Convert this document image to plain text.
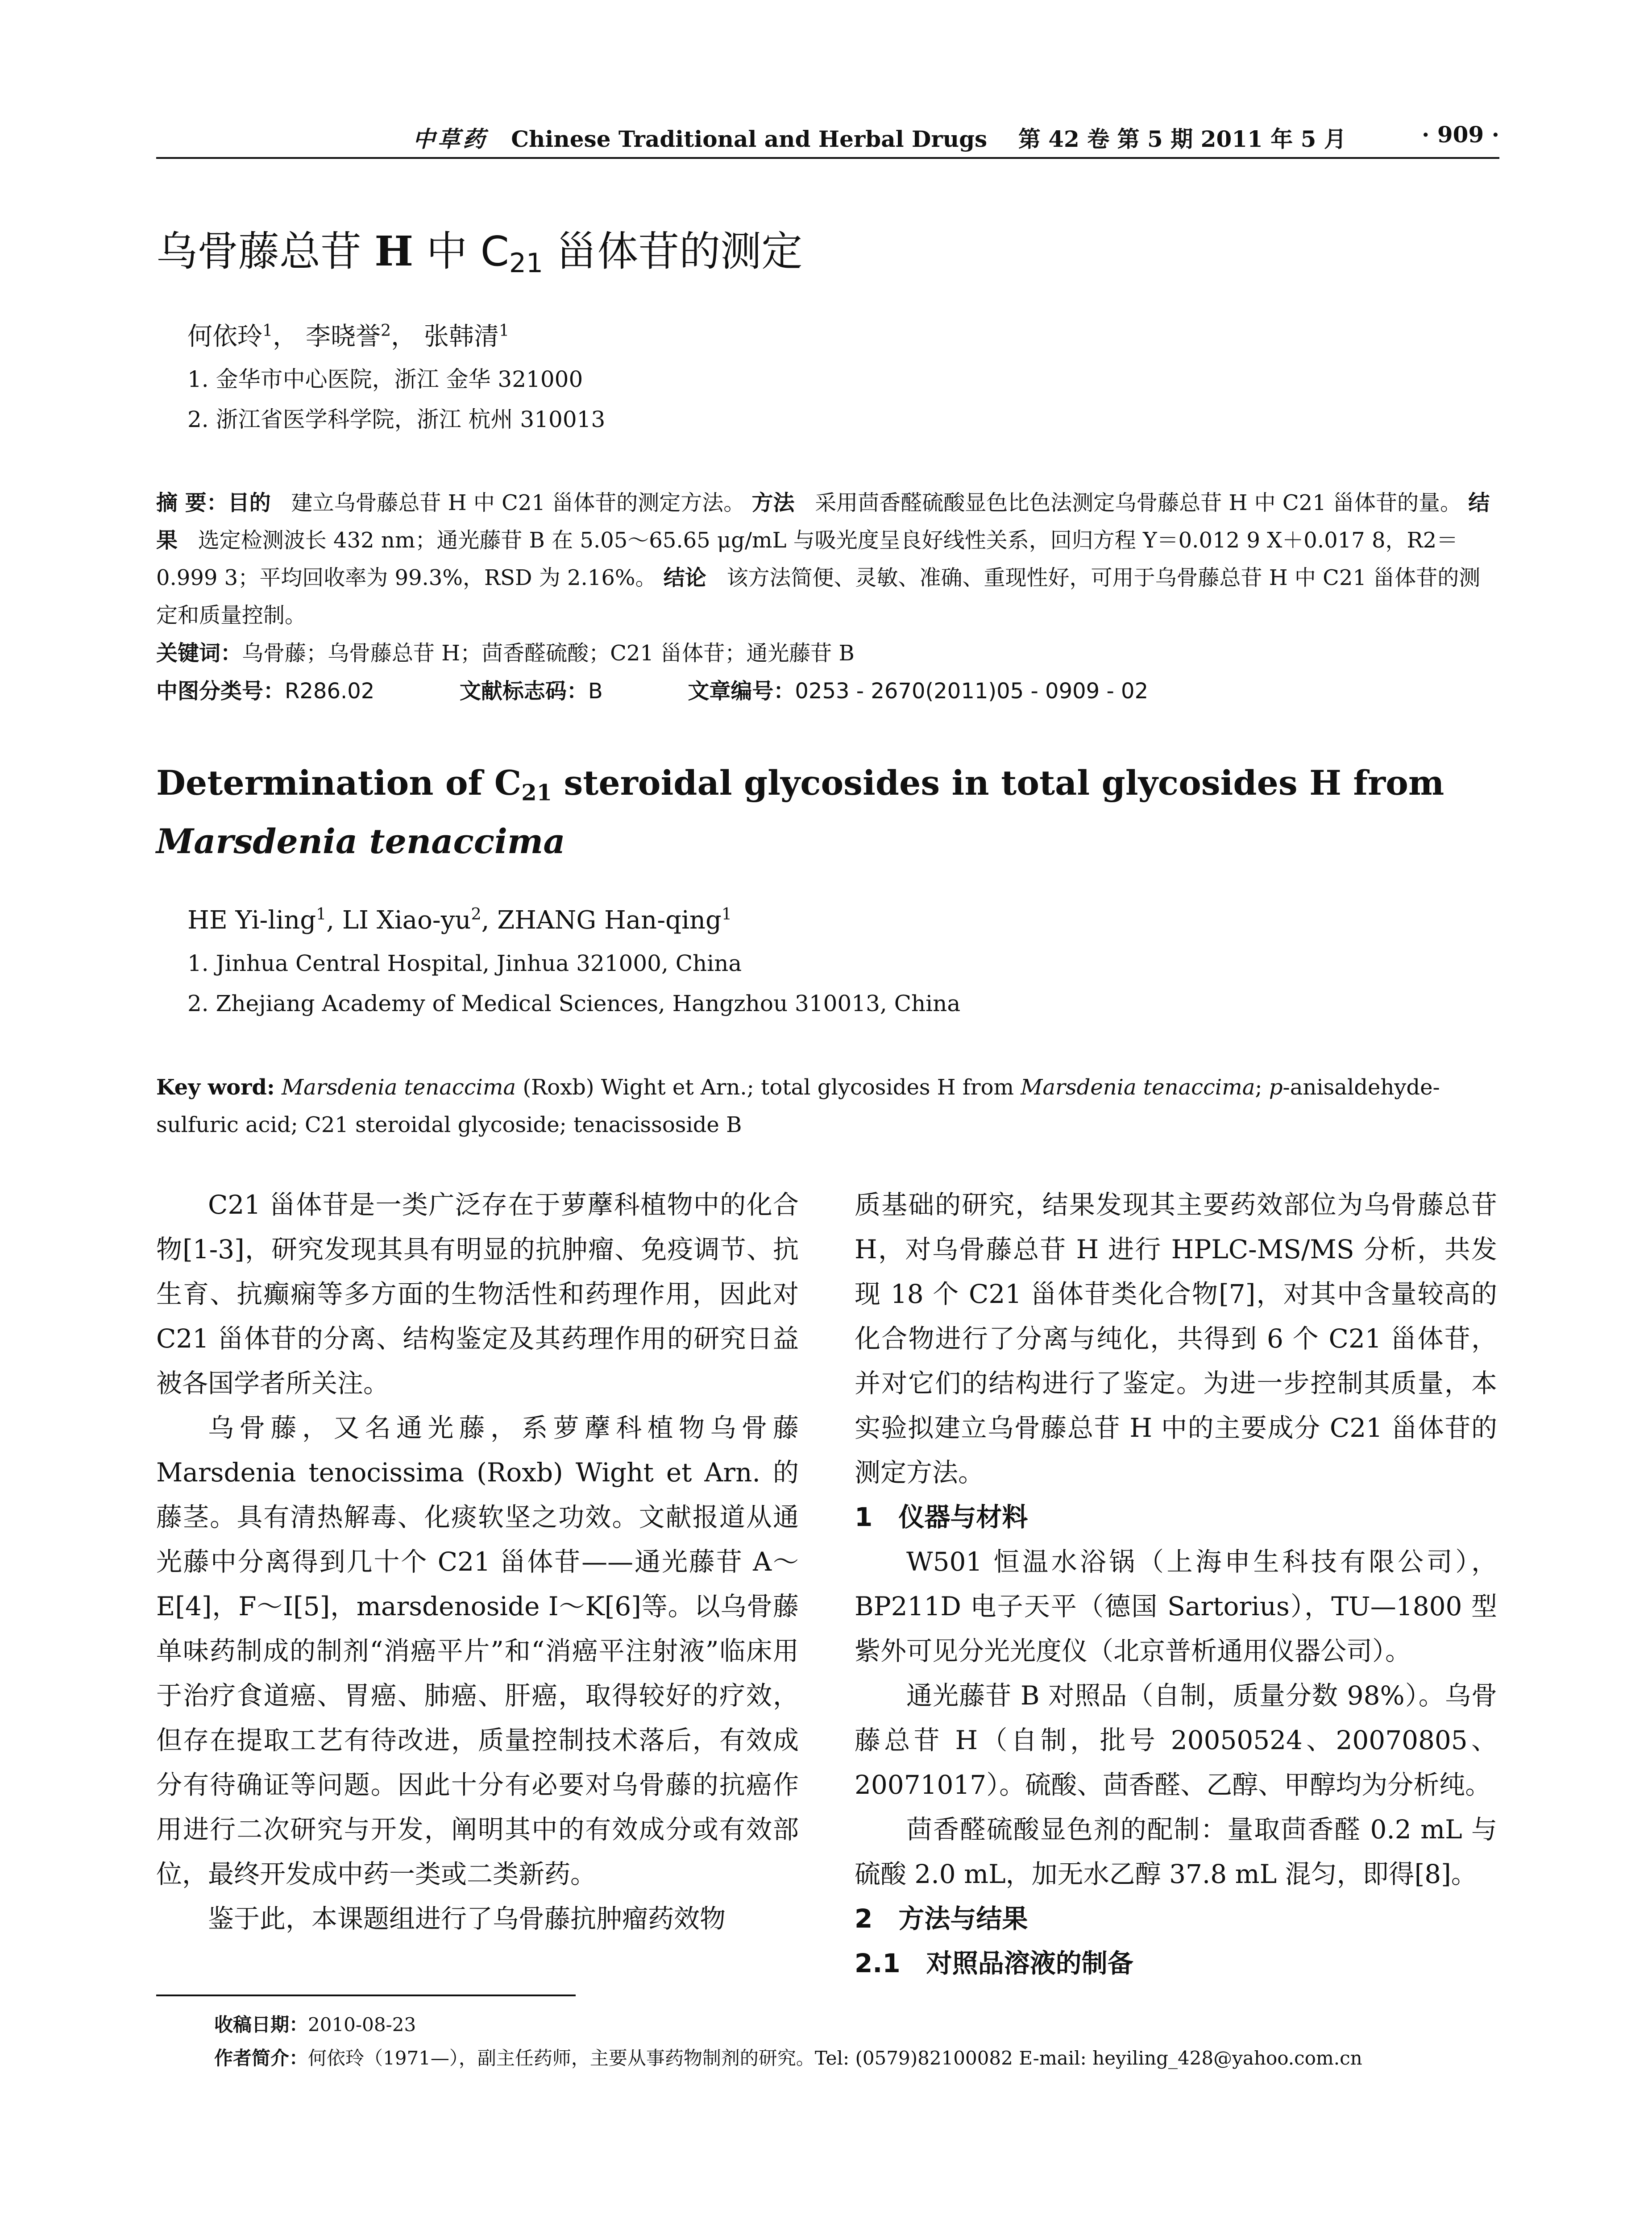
中草药 Chinese Traditional and Herbal Drugs 第 42 卷 第 5 期 2011 年 5 月	· 909 ·
乌骨藤总苷 H 中 $C_{21}$ 甾体苷的测定
何依玲$^1$， 李晓誉$^2$， 张韩清$^1$
1. 金华市中心医院，浙江 金华 321000
2. 浙江省医学科学院，浙江 杭州 310013
摘 要：目的 建立乌骨藤总苷 H 中 C21 甾体苷的测定方法。 方法 采用茴香醛硫酸显色比色法测定乌骨藤总苷 H 中 C21 甾体苷的量。 结果 选定检测波长 432 nm；通光藤苷 B 在 5.05～65.65 μg/mL 与吸光度呈良好线性关系，回归方程 Y＝0.012 9 X＋0.017 8，R2＝0.999 3；平均回收率为 99.3%，RSD 为 2.16%。 结论 该方法简便、灵敏、准确、重现性好，可用于乌骨藤总苷 H 中 C21 甾体苷的测定和质量控制。
关键词：乌骨藤；乌骨藤总苷 H；茴香醛硫酸；C21 甾体苷；通光藤苷 B
中图分类号：R286.02	文献标志码：B	文章编号：0253 - 2670(2011)05 - 0909 - 02
Determination of $C_{21}$ steroidal glycosides in total glycosides H from Marsdenia tenaccima
HE Yi-ling$^1$, LI Xiao-$yu^2$, ZHANG Han-qing$^1$
1. Jinhua Central Hospital, Jinhua 321000, China
2. Zhejiang Academy of Medical Sciences, Hangzhou 310013, China
Key word: Marsdenia tenaccima (Roxb) Wight et Arn.; total glycosides H from Marsdenia tenaccima; p-anisaldehyde-sulfuric acid; C21 steroidal glycoside; tenacissoside B

C21 甾体苷是一类广泛存在于萝藦科植物中的化合物[1-3]，研究发现其具有明显的抗肿瘤、免疫调节、抗生育、抗癫痫等多方面的生物活性和药理作用，因此对 C21 甾体苷的分离、结构鉴定及其药理作用的研究日益被各国学者所关注。

乌骨藤，又名通光藤，系萝藦科植物乌骨藤 Marsdenia tenocissima (Roxb) Wight et Arn. 的藤茎。具有清热解毒、化痰软坚之功效。文献报道从通光藤中分离得到几十个 C21 甾体苷——通光藤苷 A～E[4]，F～I[5]，marsdenoside I～K[6]等。以乌骨藤单味药制成的制剂“消癌平片”和“消癌平注射液”临床用于治疗食道癌、胃癌、肺癌、肝癌，取得较好的疗效，但存在提取工艺有待改进，质量控制技术落后，有效成分有待确证等问题。因此十分有必要对乌骨藤的抗癌作用进行二次研究与开发，阐明其中的有效成分或有效部位，最终开发成中药一类或二类新药。

鉴于此，本课题组进行了乌骨藤抗肿瘤药效物

质基础的研究，结果发现其主要药效部位为乌骨藤总苷 H，对乌骨藤总苷 H 进行 HPLC-MS/MS 分析，共发现 18 个 C21 甾体苷类化合物[7]，对其中含量较高的化合物进行了分离与纯化，共得到 6 个 C21 甾体苷，并对它们的结构进行了鉴定。为进一步控制其质量，本实验拟建立乌骨藤总苷 H 中的主要成分 C21 甾体苷的测定方法。

1　仪器与材料

W501 恒温水浴锅（上海申生科技有限公司），BP211D 电子天平（德国 Sartorius），TU—1800 型紫外可见分光光度仪（北京普析通用仪器公司）。

通光藤苷 B 对照品（自制，质量分数 98%）。乌骨藤总苷 H（自制，批号 20050524、20070805、20071017）。硫酸、茴香醛、乙醇、甲醇均为分析纯。

茴香醛硫酸显色剂的配制：量取茴香醛 0.2 mL 与硫酸 2.0 mL，加无水乙醇 37.8 mL 混匀，即得[8]。

2　方法与结果

2.1　对照品溶液的制备

收稿日期：2010-08-23
作者简介：何依玲（1971—），副主任药师，主要从事药物制剂的研究。Tel: (0579)82100082 E-mail: heyiling_428@yahoo.com.cn
